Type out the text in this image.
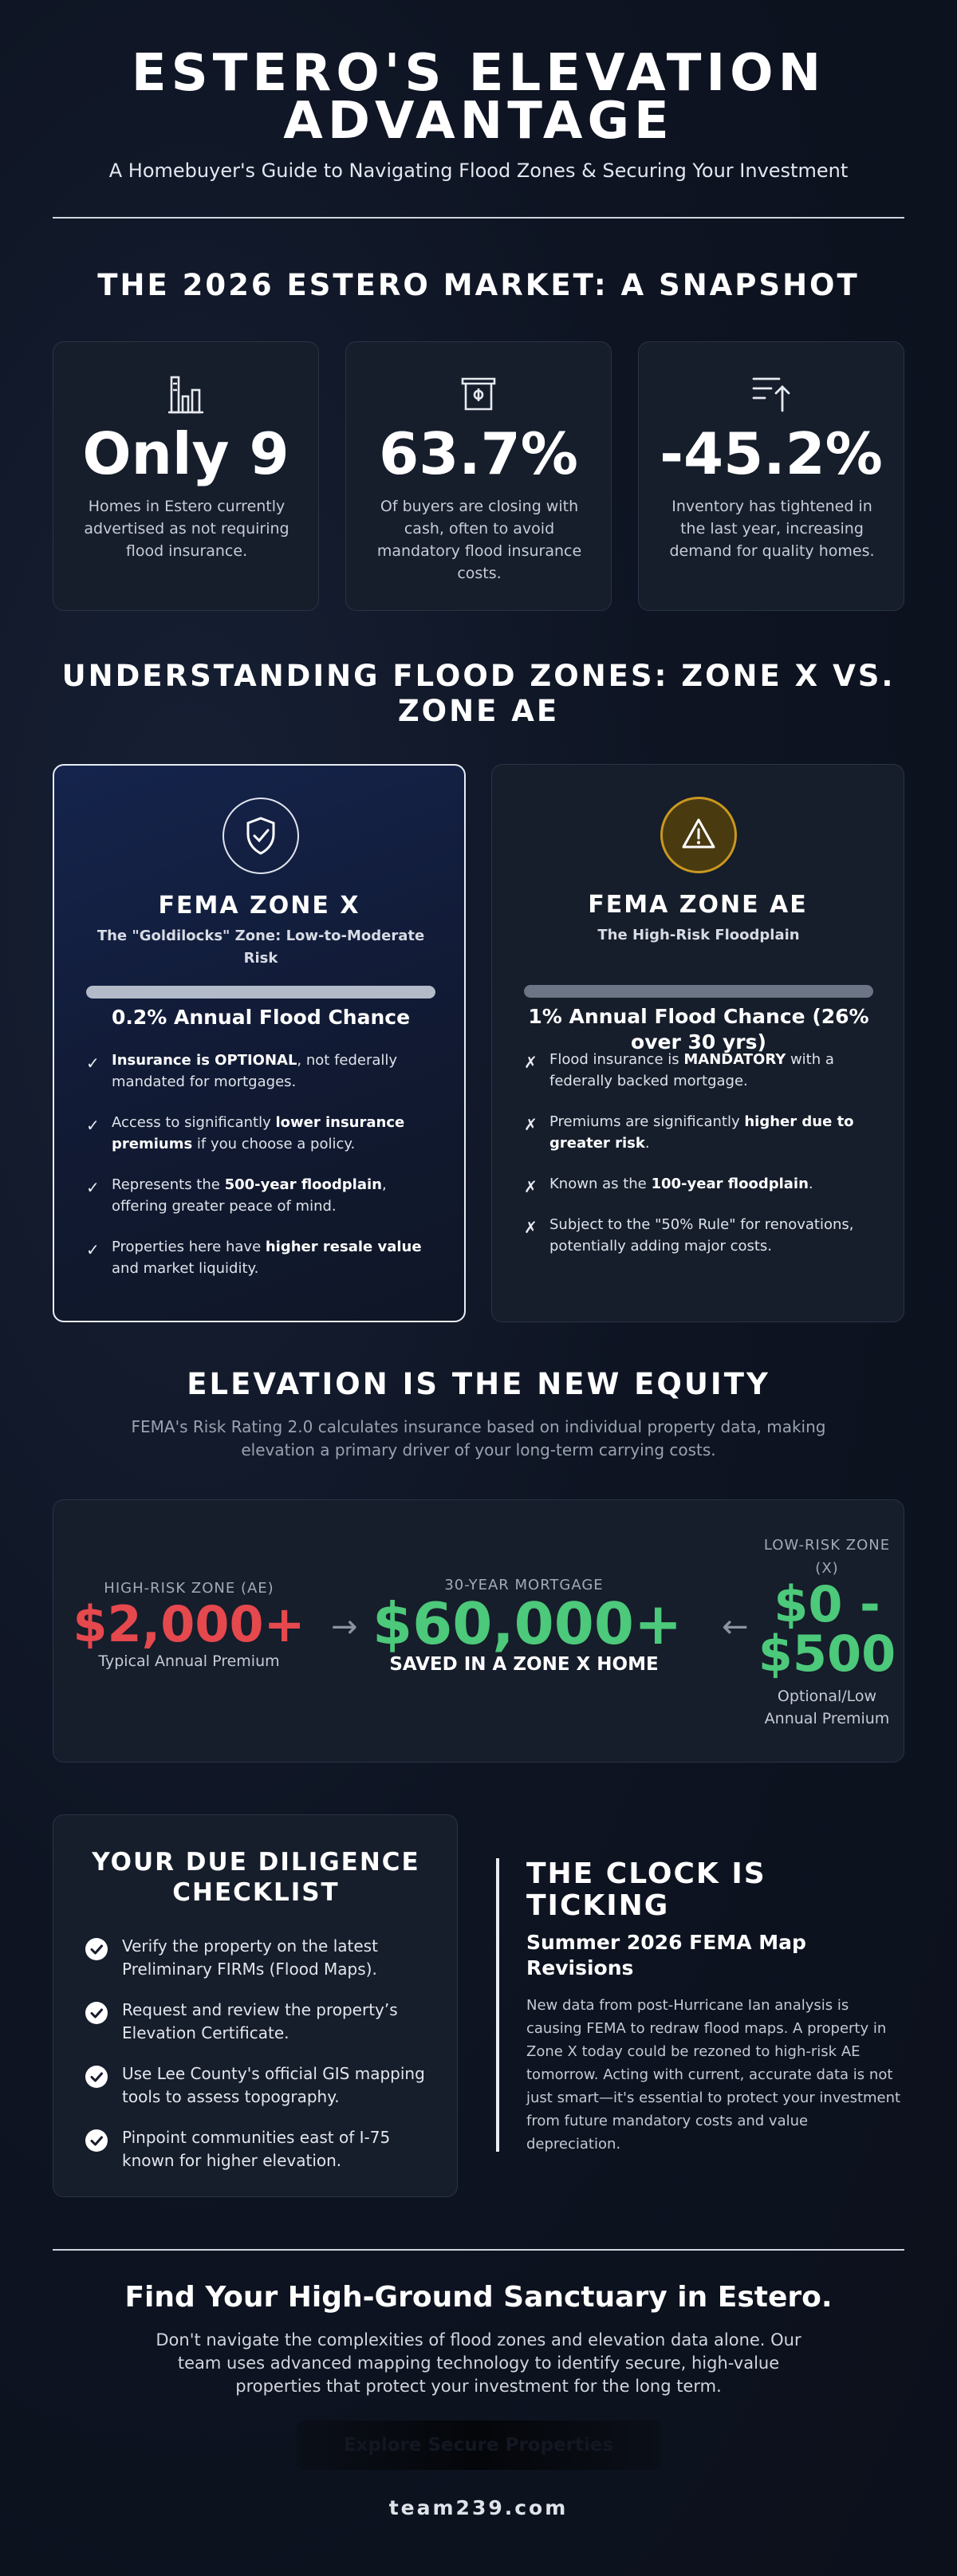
ESTERO'S ELEVATION ADVANTAGE

A Homebuyer's Guide to Navigating Flood Zones & Securing Your Investment

THE 2026 ESTERO MARKET: A SNAPSHOT
Only 9
Homes in Estero currently advertised as not requiring flood insurance.
63.7%
Of buyers are closing with cash, often to avoid mandatory flood insurance costs.
-45.2%
Inventory has tightened in the last year, increasing demand for quality homes.
UNDERSTANDING FLOOD ZONES: ZONE X VS. ZONE AE
FEMA ZONE X
The "Goldilocks" Zone: Low-to-Moderate Risk
0.2% Annual Flood Chance
✓ Insurance is OPTIONAL, not federally mandated for mortgages.
✓ Access to significantly lower insurance premiums if you choose a policy.
✓ Represents the 500-year floodplain, offering greater peace of mind.
✓ Properties here have higher resale value and market liquidity.
FEMA ZONE AE
The High-Risk Floodplain
1% Annual Flood Chance (26% over 30 yrs)
✗ Flood insurance is MANDATORY with a federally backed mortgage.
✗ Premiums are significantly higher due to greater risk.
✗ Known as the 100-year floodplain.
✗ Subject to the "50% Rule" for renovations, potentially adding major costs.
ELEVATION IS THE NEW EQUITY

FEMA's Risk Rating 2.0 calculates insurance based on individual property data, making elevation a primary driver of your long-term carrying costs.

HIGH-RISK ZONE (AE)
$2,000+
Typical Annual Premium
→
30-YEAR MORTGAGE
$60,000+
SAVED IN A ZONE X HOME
←
LOW-RISK ZONE (X)
$0 - $500
Optional/Low Annual Premium
YOUR DUE DILIGENCE CHECKLIST
Verify the property on the latest Preliminary FIRMs (Flood Maps).
Request and review the property’s Elevation Certificate.
Use Lee County's official GIS mapping tools to assess topography.
Pinpoint communities east of I-75 known for higher elevation.
THE CLOCK IS TICKING
Summer 2026 FEMA Map Revisions

New data from post-Hurricane Ian analysis is causing FEMA to redraw flood maps. A property in Zone X today could be rezoned to high-risk AE tomorrow. Acting with current, accurate data is not just smart—it's essential to protect your investment from future mandatory costs and value depreciation.

Find Your High-Ground Sanctuary in Estero.

Don't navigate the complexities of flood zones and elevation data alone. Our team uses advanced mapping technology to identify secure, high-value properties that protect your investment for the long term.

Explore Secure Properties
team239.com
